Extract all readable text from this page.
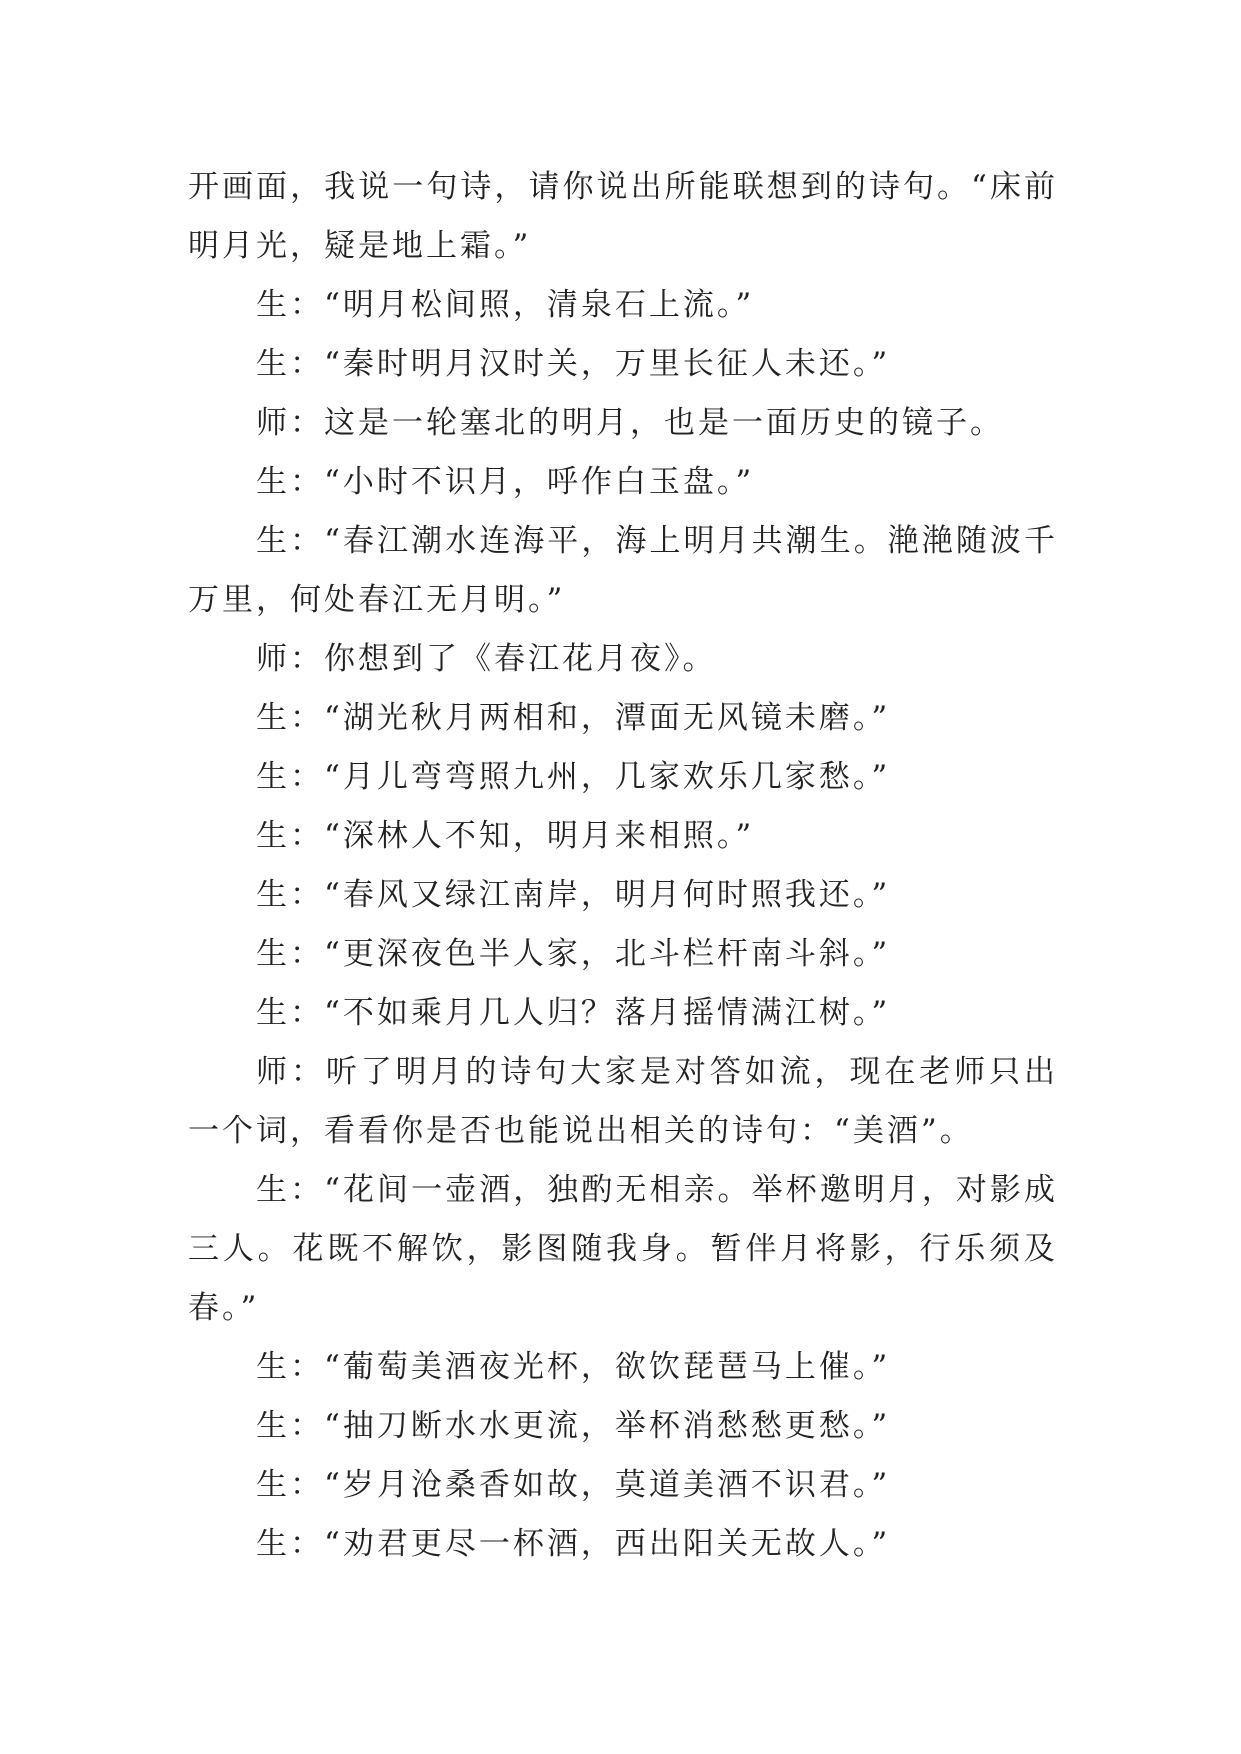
开画面，我说一句诗，请你说出所能联想到的诗句。“床前明月光，疑是地上霜。”

生：“明月松间照，清泉石上流。”

生：“秦时明月汉时关，万里长征人未还。”

师：这是一轮塞北的明月，也是一面历史的镜子。

生：“小时不识月，呼作白玉盘。”

生：“春江潮水连海平，海上明月共潮生。滟滟随波千万里，何处春江无月明。”

师：你想到了《春江花月夜》。

生：“湖光秋月两相和，潭面无风镜未磨。”

生：“月儿弯弯照九州，几家欢乐几家愁。”

生：“深林人不知，明月来相照。”

生：“春风又绿江南岸，明月何时照我还。”

生：“更深夜色半人家，北斗栏杆南斗斜。”

生：“不如乘月几人归？落月摇情满江树。”

师：听了明月的诗句大家是对答如流，现在老师只出一个词，看看你是否也能说出相关的诗句：“美酒”。

生：“花间一壶酒，独酌无相亲。举杯邀明月，对影成三人。花既不解饮，影图随我身。暂伴月将影，行乐须及春。”

生：“葡萄美酒夜光杯，欲饮琵琶马上催。”

生：“抽刀断水水更流，举杯消愁愁更愁。”

生：“岁月沧桑香如故，莫道美酒不识君。”

生：“劝君更尽一杯酒，西出阳关无故人。”
